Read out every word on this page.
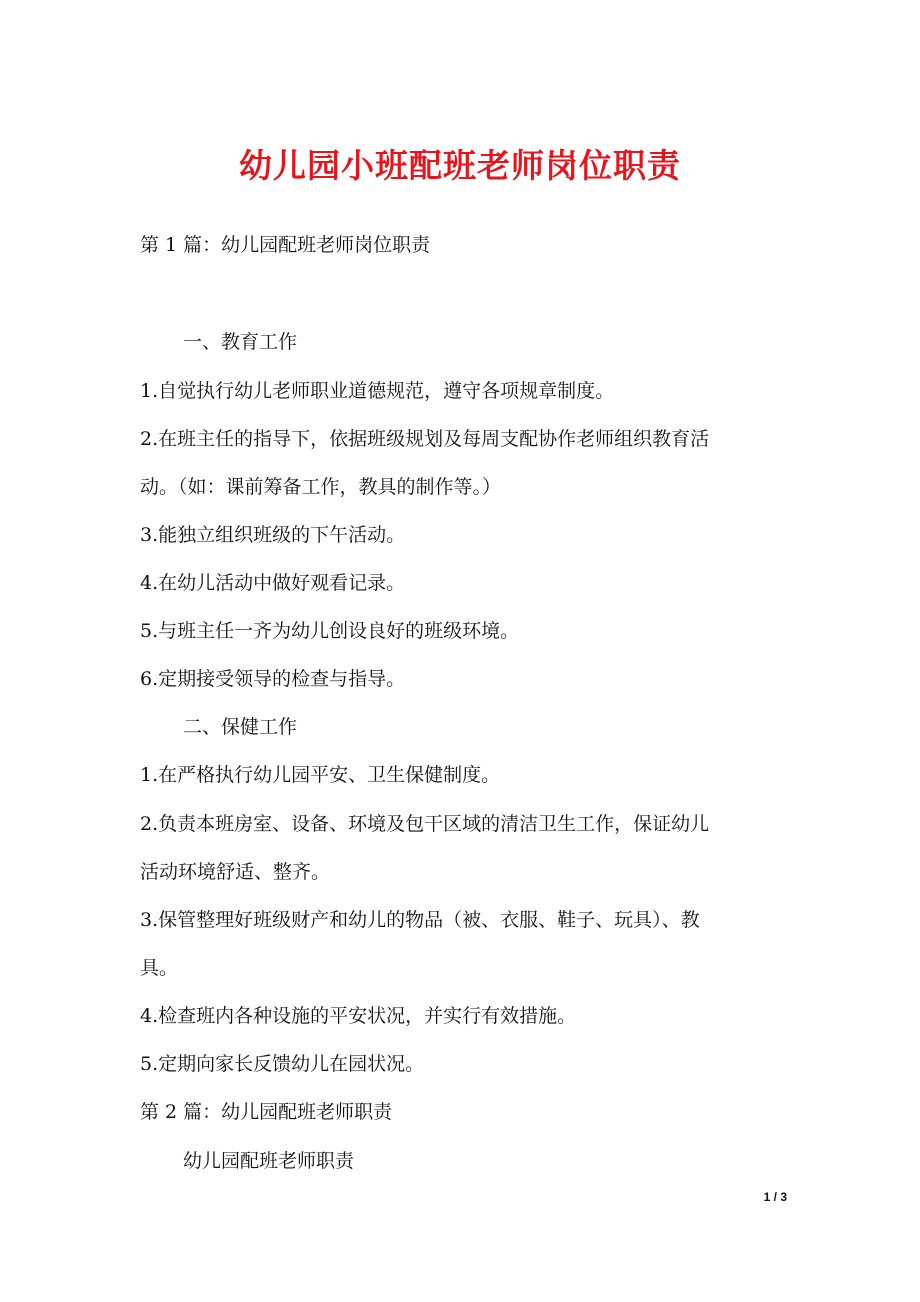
幼儿园小班配班老师岗位职责

第 1 篇：幼儿园配班老师岗位职责

一、教育工作

1.自觉执行幼儿老师职业道德规范，遵守各项规章制度。

2.在班主任的指导下，依据班级规划及每周支配协作老师组织教育活

动。（如：课前筹备工作，教具的制作等。）

3.能独立组织班级的下午活动。

4.在幼儿活动中做好观看记录。

5.与班主任一齐为幼儿创设良好的班级环境。

6.定期接受领导的检查与指导。

二、保健工作

1.在严格执行幼儿园平安、卫生保健制度。

2.负责本班房室、设备、环境及包干区域的清洁卫生工作，保证幼儿

活动环境舒适、整齐。

3.保管整理好班级财产和幼儿的物品（被、衣服、鞋子、玩具）、教

具。

4.检查班内各种设施的平安状况，并实行有效措施。

5.定期向家长反馈幼儿在园状况。

第 2 篇：幼儿园配班老师职责

幼儿园配班老师职责

1 / 3
